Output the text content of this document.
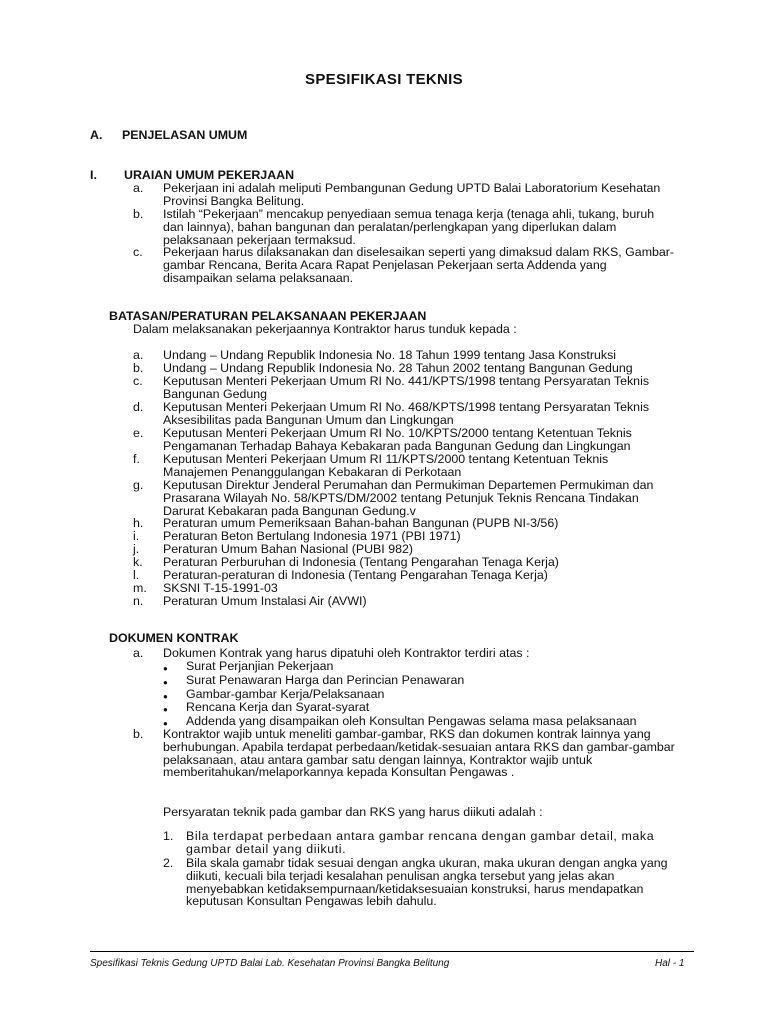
SPESIFIKASI TEKNIS
A. PENJELASAN UMUM
I. URAIAN UMUM PEKERJAAN
a. Pekerjaan ini adalah meliputi Pembangunan Gedung UPTD Balai Laboratorium Kesehatan
Provinsi Bangka Belitung.
b. Istilah “Pekerjaan” mencakup penyediaan semua tenaga kerja (tenaga ahli, tukang, buruh
dan lainnya), bahan bangunan dan peralatan/perlengkapan yang diperlukan dalam
pelaksanaan pekerjaan termaksud.
c. Pekerjaan harus dilaksanakan dan diselesaikan seperti yang dimaksud dalam RKS, Gambar-
gambar Rencana, Berita Acara Rapat Penjelasan Pekerjaan serta Addenda yang
disampaikan selama pelaksanaan.
BATASAN/PERATURAN PELAKSANAAN PEKERJAAN
Dalam melaksanakan pekerjaannya Kontraktor harus tunduk kepada :
a. Undang – Undang Republik Indonesia No. 18 Tahun 1999 tentang Jasa Konstruksi
b. Undang – Undang Republik Indonesia No. 28 Tahun 2002 tentang Bangunan Gedung
c. Keputusan Menteri Pekerjaan Umum RI No. 441/KPTS/1998 tentang Persyaratan Teknis
Bangunan Gedung
d. Keputusan Menteri Pekerjaan Umum RI No. 468/KPTS/1998 tentang Persyaratan Teknis
Aksesibilitas pada Bangunan Umum dan Lingkungan
e. Keputusan Menteri Pekerjaan Umum RI No. 10/KPTS/2000 tentang Ketentuan Teknis
Pengamanan Terhadap Bahaya Kebakaran pada Bangunan Gedung dan Lingkungan
f. Keputusan Menteri Pekerjaan Umum RI 11/KPTS/2000 tentang Ketentuan Teknis
Manajemen Penanggulangan Kebakaran di Perkotaan
g. Keputusan Direktur Jenderal Perumahan dan Permukiman Departemen Permukiman dan
Prasarana Wilayah No. 58/KPTS/DM/2002 tentang Petunjuk Teknis Rencana Tindakan
Darurat Kebakaran pada Bangunan Gedung.v
h. Peraturan umum Pemeriksaan Bahan-bahan Bangunan (PUPB NI-3/56)
i. Peraturan Beton Bertulang Indonesia 1971 (PBI 1971)
j. Peraturan Umum Bahan Nasional (PUBI 982)
k. Peraturan Perburuhan di Indonesia (Tentang Pengarahan Tenaga Kerja)
l. Peraturan-peraturan di Indonesia (Tentang Pengarahan Tenaga Kerja)
m. SKSNI T-15-1991-03
n. Peraturan Umum Instalasi Air (AVWI)
DOKUMEN KONTRAK
a. Dokumen Kontrak yang harus dipatuhi oleh Kontraktor terdiri atas :
● Surat Perjanjian Pekerjaan
● Surat Penawaran Harga dan Perincian Penawaran
● Gambar-gambar Kerja/Pelaksanaan
● Rencana Kerja dan Syarat-syarat
● Addenda yang disampaikan oleh Konsultan Pengawas selama masa pelaksanaan
b. Kontraktor wajib untuk meneliti gambar-gambar, RKS dan dokumen kontrak lainnya yang
berhubungan. Apabila terdapat perbedaan/ketidak-sesuaian antara RKS dan gambar-gambar
pelaksanaan, atau antara gambar satu dengan lainnya, Kontraktor wajib untuk
memberitahukan/melaporkannya kepada Konsultan Pengawas .
Persyaratan teknik pada gambar dan RKS yang harus diikuti adalah :
1. Bila terdapat perbedaan antara gambar rencana dengan gambar detail, maka
gambar detail yang diikuti.
2. Bila skala gamabr tidak sesuai dengan angka ukuran, maka ukuran dengan angka yang
diikuti, kecuali bila terjadi kesalahan penulisan angka tersebut yang jelas akan
menyebabkan ketidaksempurnaan/ketidaksesuaian konstruksi, harus mendapatkan
keputusan Konsultan Pengawas lebih dahulu.
Spesifikasi Teknis Gedung UPTD Balai Lab. Kesehatan Provinsi Bangka Belitung	Hal - 1
